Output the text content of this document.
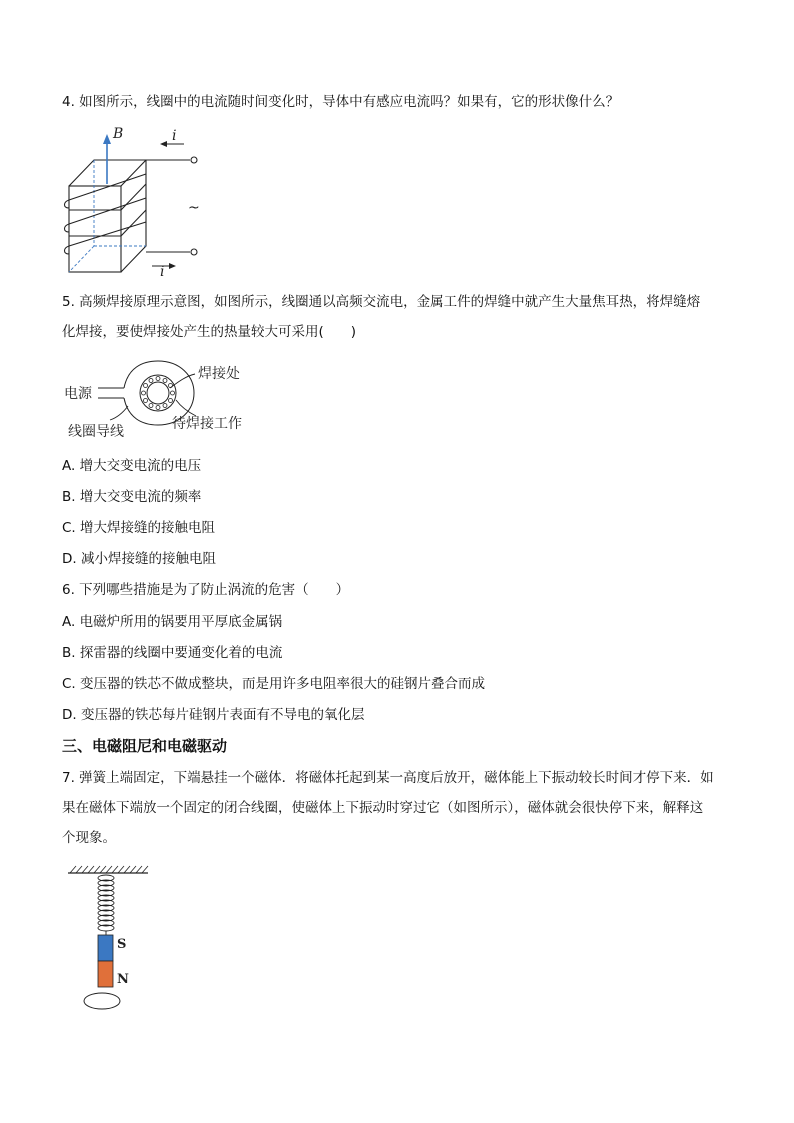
4. 如图所示，线圈中的电流随时间变化时，导体中有感应电流吗？如果有，它的形状像什么？
B	i
i
~
5. 高频焊接原理示意图，如图所示，线圈通以高频交流电，金属工件的焊缝中就产生大量焦耳热，将焊缝熔
化焊接，要使焊接处产生的热量较大可采用(　　)
焊接处
电源
待焊接工作
线圈导线
A. 增大交变电流的电压
B. 增大交变电流的频率
C. 增大焊接缝的接触电阻
D. 减小焊接缝的接触电阻
6. 下列哪些措施是为了防止涡流的危害（　　）
A. 电磁炉所用的锅要用平厚底金属锅
B. 探雷器的线圈中要通变化着的电流
C. 变压器的铁芯不做成整块，而是用许多电阻率很大的硅钢片叠合而成
D. 变压器的铁芯每片硅钢片表面有不导电的氧化层
三、电磁阻尼和电磁驱动
7. 弹簧上端固定，下端悬挂一个磁体．将磁体托起到某一高度后放开，磁体能上下振动较长时间才停下来．如
果在磁体下端放一个固定的闭合线圈，使磁体上下振动时穿过它（如图所示），磁体就会很快停下来，解释这
个现象。
S
N
